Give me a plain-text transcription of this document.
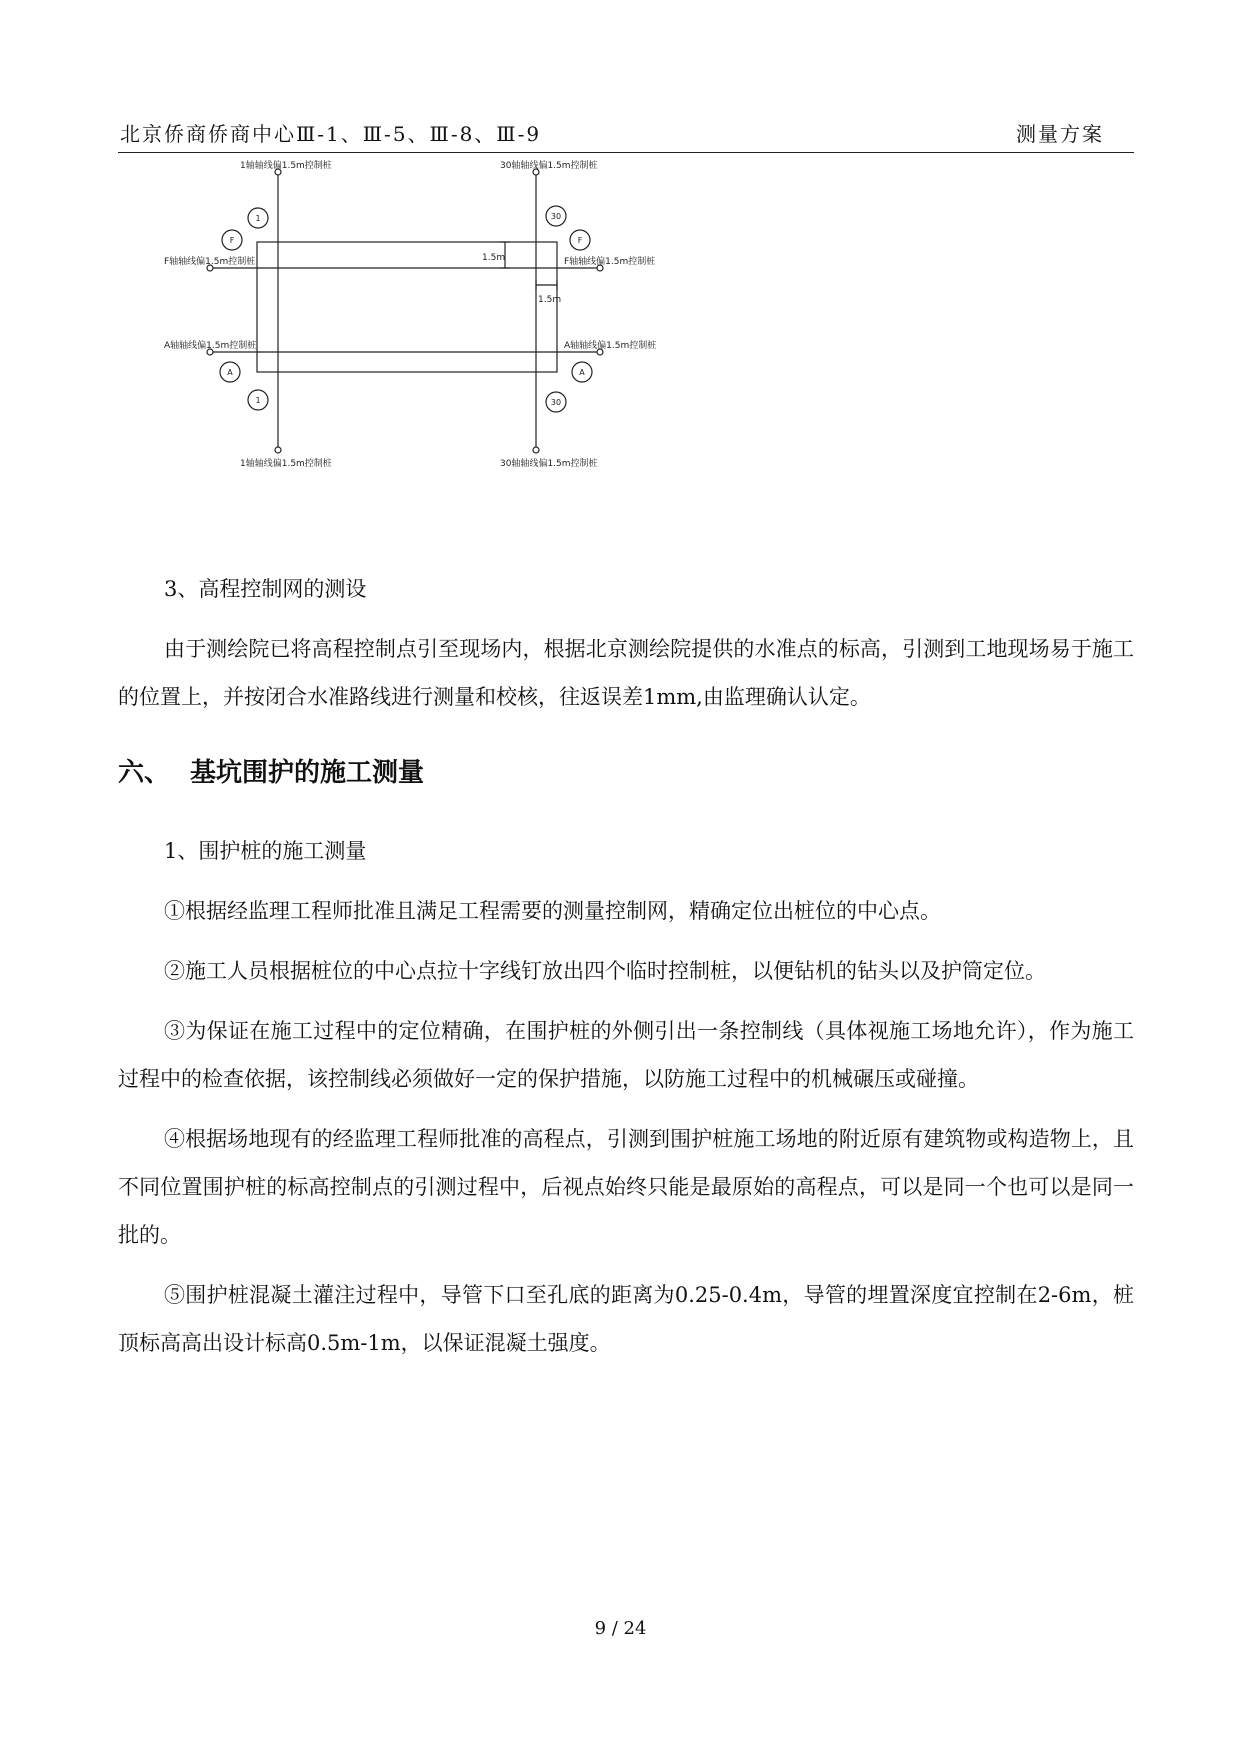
北京侨商侨商中心Ⅲ-1、Ⅲ-5、Ⅲ-8、Ⅲ-9	测量方案
1
F
30
F
A	A
1	30
1轴轴线偏1.5m控制桩	30轴轴线偏1.5m控制桩
F轴轴线偏1.5m控制桩	F轴轴线偏1.5m控制桩
A轴轴线偏1.5m控制桩	A轴轴线偏1.5m控制桩
1轴轴线偏1.5m控制桩	30轴轴线偏1.5m控制桩
1.5m
1.5m

3、高程控制网的测设

由于测绘院已将高程控制点引至现场内，根据北京测绘院提供的水准点的标高，引测到工地现场易于施工的位置上，并按闭合水准路线进行测量和校核，往返误差1mm,由监理确认认定。

六、 基坑围护的施工测量

1、围护桩的施工测量

①根据经监理工程师批准且满足工程需要的测量控制网，精确定位出桩位的中心点。

②施工人员根据桩位的中心点拉十字线钉放出四个临时控制桩，以便钻机的钻头以及护筒定位。

③为保证在施工过程中的定位精确，在围护桩的外侧引出一条控制线（具体视施工场地允许），作为施工过程中的检查依据，该控制线必须做好一定的保护措施，以防施工过程中的机械碾压或碰撞。

④根据场地现有的经监理工程师批准的高程点，引测到围护桩施工场地的附近原有建筑物或构造物上，且不同位置围护桩的标高控制点的引测过程中，后视点始终只能是最原始的高程点，可以是同一个也可以是同一批的。

⑤围护桩混凝土灌注过程中，导管下口至孔底的距离为0.25-0.4m，导管的埋置深度宜控制在2-6m，桩顶标高高出设计标高0.5m-1m，以保证混凝土强度。

9 / 24
